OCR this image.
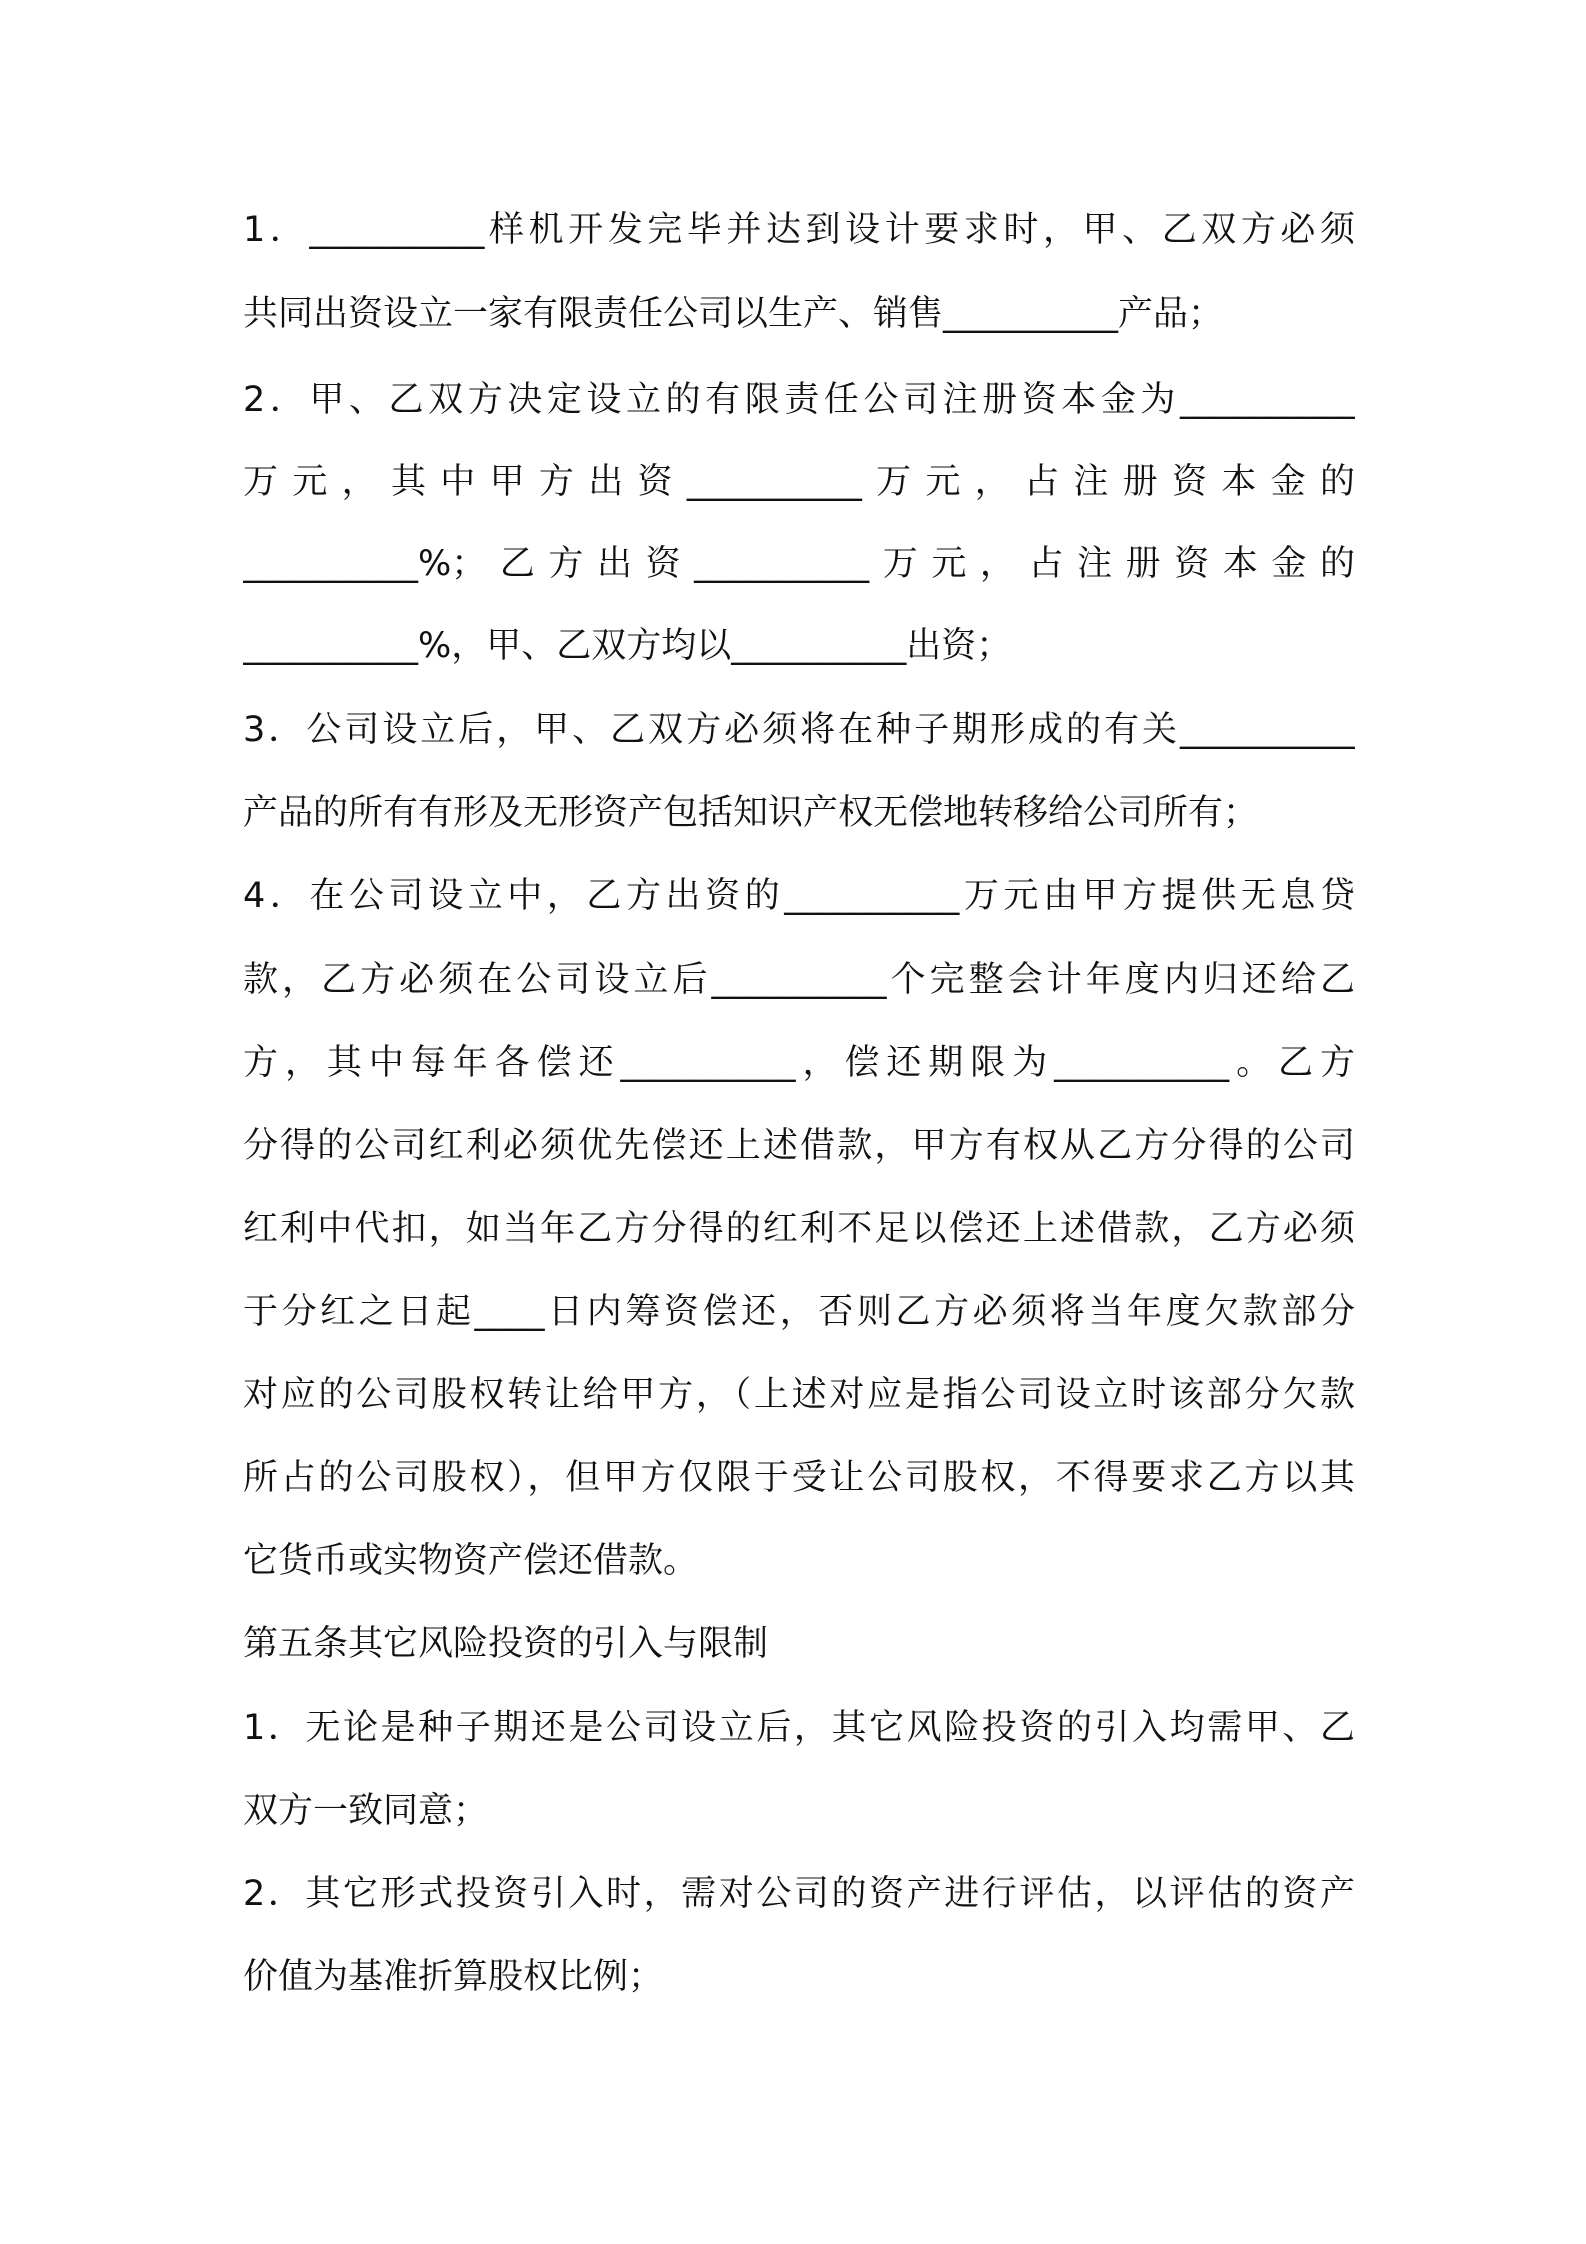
1．__________样机开发完毕并达到设计要求时，甲、乙双方必须
共同出资设立一家有限责任公司以生产、销售__________产品；
2．甲、乙双方决定设立的有限责任公司注册资本金为__________
万元，其中甲方出资__________万元，占注册资本金的
__________%；乙方出资__________万元，占注册资本金的
__________%，甲、乙双方均以__________出资；
3．公司设立后，甲、乙双方必须将在种子期形成的有关__________
产品的所有有形及无形资产包括知识产权无偿地转移给公司所有；
4．在公司设立中，乙方出资的__________万元由甲方提供无息贷
款，乙方必须在公司设立后__________个完整会计年度内归还给乙
方，其中每年各偿还__________，偿还期限为__________。乙方
分得的公司红利必须优先偿还上述借款，甲方有权从乙方分得的公司
红利中代扣，如当年乙方分得的红利不足以偿还上述借款，乙方必须
于分红之日起____日内筹资偿还，否则乙方必须将当年度欠款部分
对应的公司股权转让给甲方，（上述对应是指公司设立时该部分欠款
所占的公司股权），但甲方仅限于受让公司股权，不得要求乙方以其
它货币或实物资产偿还借款。
第五条其它风险投资的引入与限制
1．无论是种子期还是公司设立后，其它风险投资的引入均需甲、乙
双方一致同意；
2．其它形式投资引入时，需对公司的资产进行评估，以评估的资产
价值为基准折算股权比例；
